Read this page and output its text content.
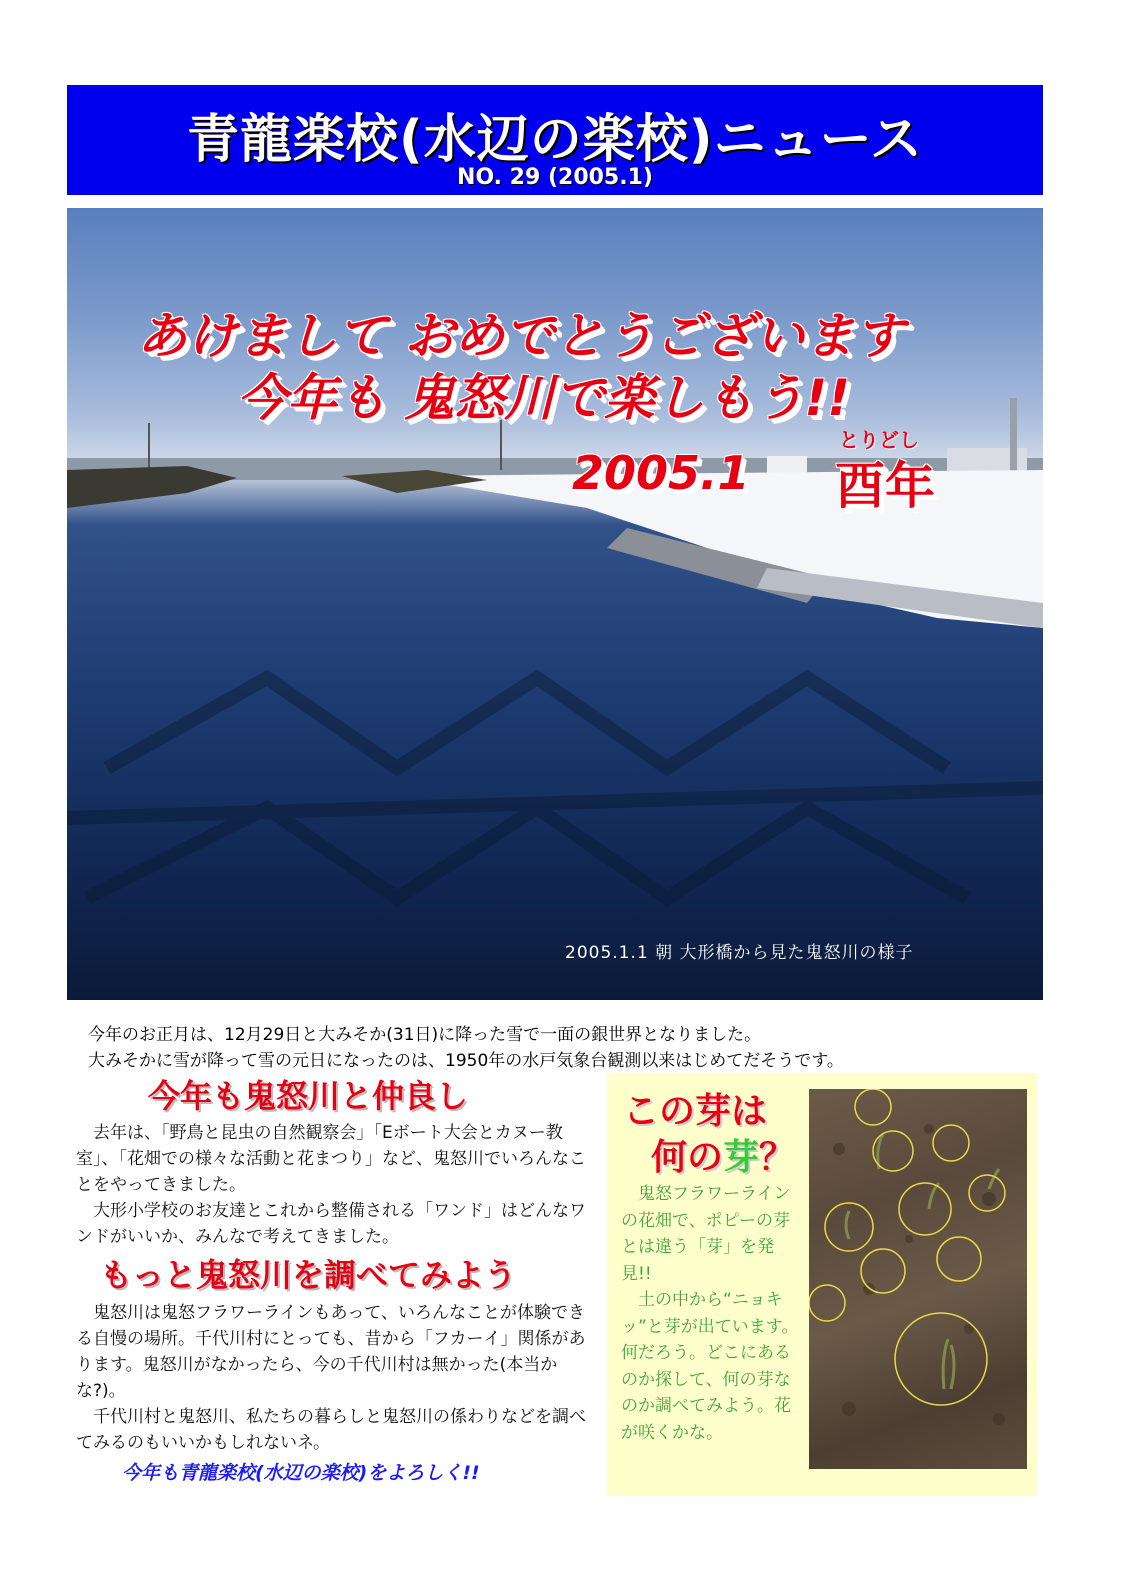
青龍楽校(水辺の楽校)ニュース
NO. 29 (2005.1)
あけまして おめでとうございます
今年も 鬼怒川で楽しもう!!
2005.1
とりどし
酉年
2005.1.1 朝 大形橋から見た鬼怒川の様子
今年のお正月は、12月29日と大みそか(31日)に降った雪で一面の銀世界となりました。
大みそかに雪が降って雪の元日になったのは、1950年の水戸気象台観測以来はじめてだそうです。
今年も鬼怒川と仲良し
去年は、「野鳥と昆虫の自然観察会」「Eボート大会とカヌー教室」、「花畑での様々な活動と花まつり」など、鬼怒川でいろんなことをやってきました。
大形小学校のお友達とこれから整備される「ワンド」はどんなワンドがいいか、みんなで考えてきました。
もっと鬼怒川を調べてみよう
鬼怒川は鬼怒フラワーラインもあって、いろんなことが体験できる自慢の場所。千代川村にとっても、昔から「フカーイ」関係があります。鬼怒川がなかったら、今の千代川村は無かった(本当かな?)。
千代川村と鬼怒川、私たちの暮らしと鬼怒川の係わりなどを調べてみるのもいいかもしれないネ。
今年も青龍楽校(水辺の楽校)をよろしく!!
この芽は
何の芽？

鬼怒フラワーラインの花畑で、ポピーの芽とは違う「芽」を発見!!

土の中から“ニョキッ”と芽が出ています。何だろう。どこにあるのか探して、何の芽なのか調べてみよう。花が咲くかな。
